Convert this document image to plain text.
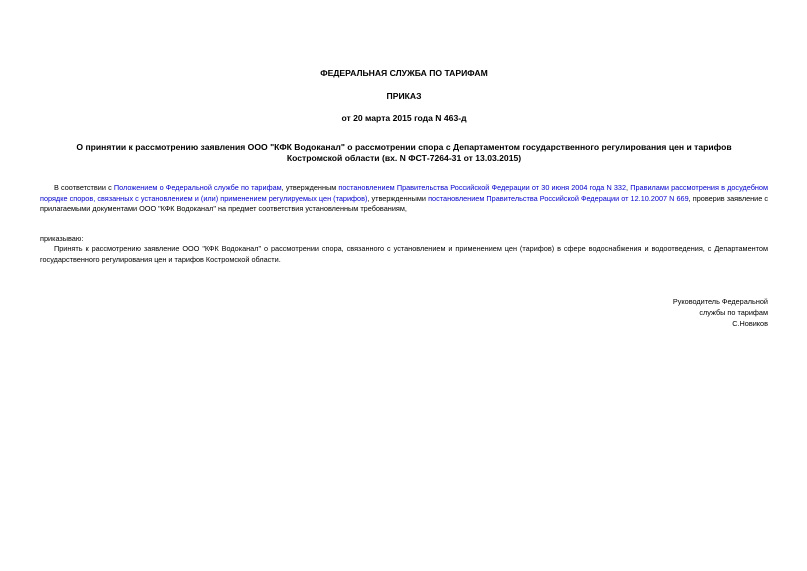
ФЕДЕРАЛЬНАЯ СЛУЖБА ПО ТАРИФАМ

ПРИКАЗ

от 20 марта 2015 года N 463-д

О принятии к рассмотрению заявления ООО "КФК Водоканал" о рассмотрении спора с Департаментом государственного регулирования цен и тарифов
Костромской области (вх. N ФСТ-7264-31 от 13.03.2015)

В соответствии с Положением о Федеральной службе по тарифам, утвержденным постановлением Правительства Российской Федерации от 30 июня 2004 года N 332, Правилами рассмотрения в досудебном порядке споров, связанных с установлением и (или) применением регулируемых цен (тарифов), утвержденными постановлением Правительства Российской Федерации от 12.10.2007 N 669, проверив заявление с прилагаемыми документами ООО "КФК Водоканал" на предмет соответствия установленным требованиям,

приказываю:

Принять к рассмотрению заявление ООО "КФК Водоканал" о рассмотрении спора, связанного с установлением и применением цен (тарифов) в сфере водоснабжения и водоотведения, с Департаментом государственного регулирования цен и тарифов Костромской области.

Руководитель Федеральной
службы по тарифам
С.Новиков
